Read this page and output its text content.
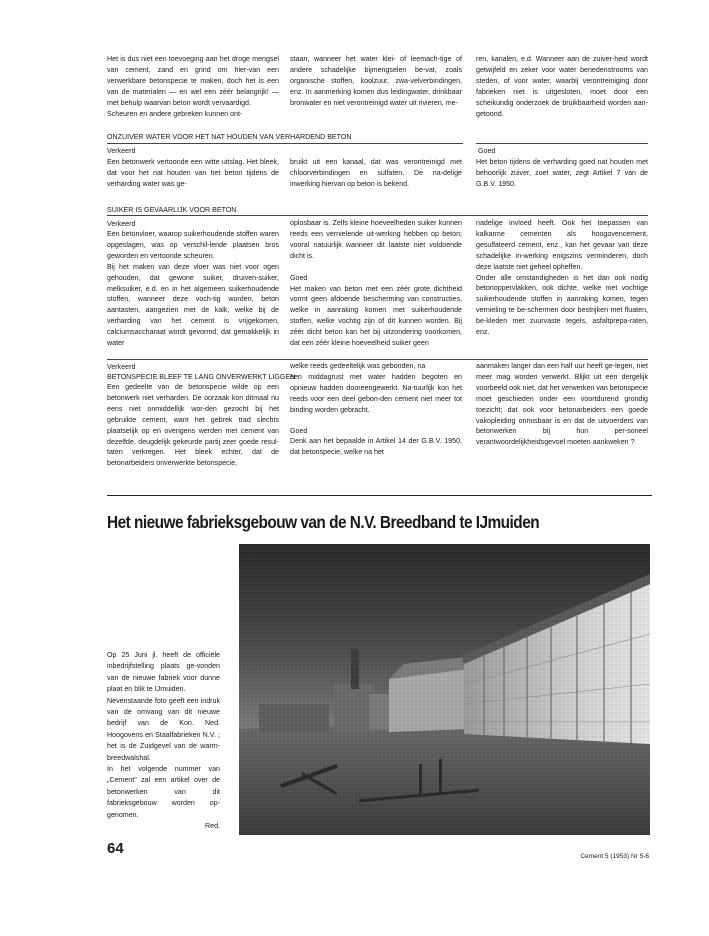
Het is dus niet een toevoeging aan het droge mengsel van cement, zand en grind om hier-van een verwerkbare betonspecie te maken, doch het is een van de materialen — en wel een zéér belangrijk! — met behulp waarvan beton wordt vervaardigd.

Scheuren en andere gebreken kunnen ont-

staan, wanneer het water klei- of leemach-tige of andere schadelijke bijmengselen be-vat, zoals organische stoffen, koolzuur, zwa-velverbindingen, enz. In aanmerking komen dus leidingwater, drinkbaar bronwater en niet verontreinigd water uit rivieren, me-

ren, kanalen, e.d. Wanneer aan de zuiver-heid wordt getwijfeld en zeker voor water benedenstrooms van steden, of voor water, waarbij verontreiniging door fabrieken niet is uitgesloten, moet door een scheikundig onderzoek de bruikbaarheid worden aan-getoond.

ONZUIVER WATER VOOR HET NAT HOUDEN VAN VERHARDEND BETON
Verkeerd	Goed

Een betonwerk vertoonde een witte uitslag. Het bleek, dat voor het nat houden van het beton tijdens de verharding water was ge-

bruikt uit een kanaal, dat was verontreinigd met chloorverbindingen en sulfaten. De na-delige inwerking hiervan op beton is bekend.

Het beton tijdens de verharding goed nat houden met behoorlijk zuiver, zoet water, zegt Artikel 7 van de G.B.V. 1950.

SUIKER IS GEVAARLIJK VOOR BETON
Verkeerd

Een betonvloer, waarop suikerhoudende stoffen waren opgeslagen, was op verschil-lende plaatsen bros geworden en vertoonde scheuren.

Bij het maken van deze vloer was niet voor ogen gehouden, dat gewone suiker, druiven-suiker, melksuiker, e.d. en in het algemeen suikerhoudende stoffen, wanneer deze voch-tig worden, beton aantasten, aangezien met de kalk, welke bij de verharding van het cement is vrijgekomen, calciumsaccharaat wordt gevormd, dat gemakkelijk in water

oplosbaar is. Zelfs kleine hoeveelheden suiker kunnen reeds een vernielende uit-werking hebben op beton; vooral natuurlijk wanneer dit laatste niet voldoende dicht is.

Goed

Het maken van beton met een zéér grote dichtheid vormt geen afdoende bescherming van constructies, welke in aanraking komen met suikerhoudende stoffen, welke vochtig zijn of dit kunnen worden. Bij zéér dicht beton kan het bij uitzondering voorkomen, dat een zéér kleine hoeveelheid suiker geen

nadelige invloed heeft. Ook het toepassen van kalkarme cementen als hoogovencement, gesulfateerd cement, enz., kan het gevaar van deze schadelijke in-werking enigszins verminderen, doch deze laatste niet geheel opheffen.

Onder alle omstandigheden is het dan ook nodig betonoppervlakken, ook dichte, welke met vochtige suikerhoudende stoffen in aanraking komen, tegen vernieling te be-schermen door bestrijken met fluaten, be-kleden met zuurvaste tegels, asfaltprepa-raten, enz.

Verkeerd
BETONSPECIE BLEEF TE LANG ONVERWERKT LIGGEN

Een gedeelte van de betonspecie wilde op een betonwerk niet verharden. De oorzaak kon ditmaal nu eens niet onmiddellijk wor-den gezocht bij het gebruikte cement, want het gebrek trad slechts plaatselijk op en overigens werden met cement van dezelfde, deugdelijk gekeurde partij zeer goede resul-taten verkregen. Het bleek echter, dat de betonarbeiders onverwerkte betonspecie,

welke reeds gedeeltelijk was gebonden, na

een middagrust met water hadden begoten en opnieuw hadden dooreengewerkt. Na-tuurlijk kon het reeds voor een deel gebon-den cement niet meer tot binding worden gebracht.

Goed

Denk aan het bepaalde in Artikel 14 der G.B.V. 1950, dat betonspecie, welke na het

aanmaken langer dan een half uur heeft ge-legen, niet meer mag worden verwerkt. Blijkt uit een dergelijk voorbeeld ook niet, dat het verwerken van betonspecie moet geschieden onder een voortdurend grondig toezicht; dat ook voor betonarbeiders een goede vakopleiding onmisbaar is en dat de uitvoerders van betonwerken bij hun per-soneel verantwoordelijkheidsgevoel moeten aankweken ?

Het nieuwe fabrieksgebouw van de N.V. Breedband te IJmuiden

Op 25 Juni jl. heeft de officiële inbedrijfstelling plaats ge-vonden van de nieuwe fabriek voor dunne plaat en blik te IJmuiden.

Nevenstaande foto geeft een indruk van de omvang van dit nieuwe bedrijf van de Kon. Ned. Hoogovens en Staalfabrieken N.V. ; het is de Zuidgevel van de warm-breedwalshal.

In het volgende nummer van „Cement" zal een artikel over de betonwerken van dit fabrieksgebouw worden op-genomen.

Red.

64	Cement 5 (1953) Nr 5-6
